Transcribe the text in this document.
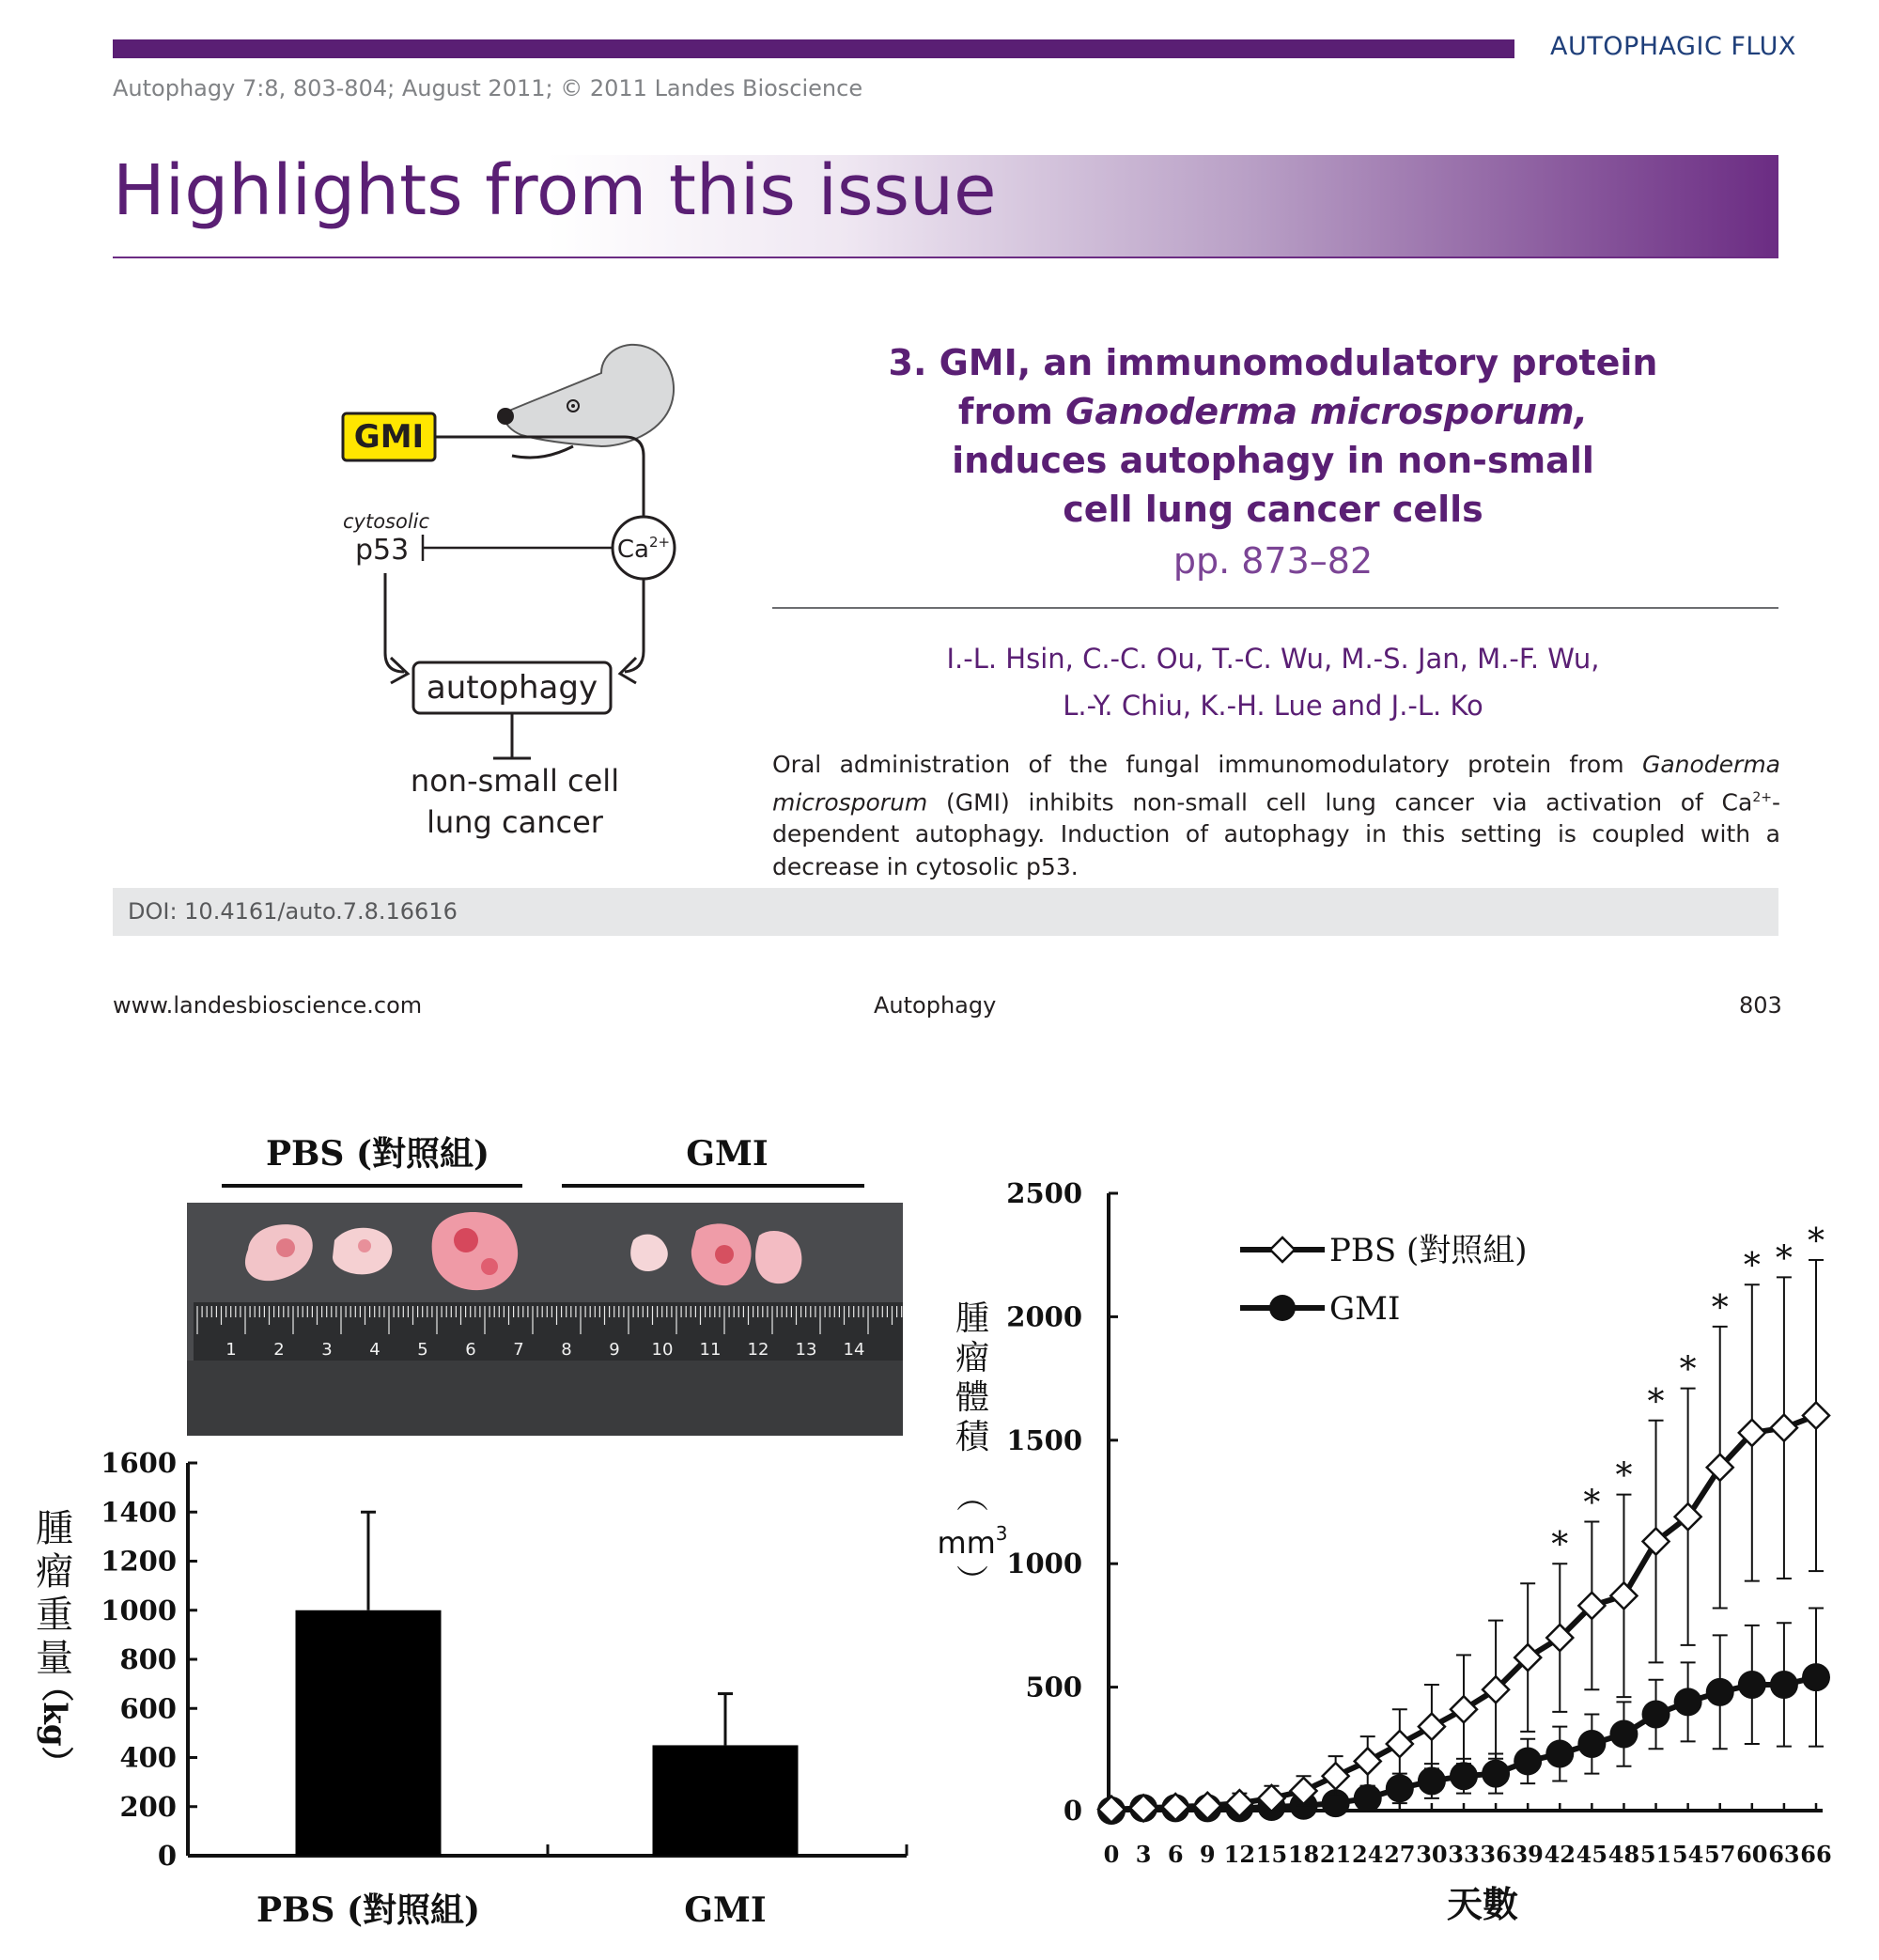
AUTOPHAGIC FLUX
Autophagy 7:8, 803-804; August 2011; © 2011 Landes Bioscience
Highlights from this issue
GMI
$Ca^{2+}$
cytosolic
p53
autophagy
non-small cell
lung cancer
3. GMI, an immunomodulatory protein
from Ganoderma microsporum,
induces autophagy in non-small
cell lung cancer cells
pp. 873–82
I.-L. Hsin, C.-C. Ou, T.-C. Wu, M.-S. Jan, M.-F. Wu,
L.-Y. Chiu, K.-H. Lue and J.-L. Ko
Oral administration of the fungal immunomodulatory protein from Ganoderma microsporum (GMI) inhibits non-small cell lung cancer via activation of $Ca^{2+}$-dependent autophagy. Induction of autophagy in this setting is coupled with a decrease in cytosolic p53.
DOI: 10.4161/auto.7.8.16616
www.landesbioscience.com	Autophagy	803
PBS (對照組)	GMI
1 2 3 4 5 6 7 8 9 10 11 12 13 14
腫
瘤
重
量
（kg）
0
200
400
600
800
1000
1200
1400
1600
PBS (對照組)	GMI
腫
瘤
體
積
︵
$mm^3$
︶
0
500
1000
1500
2000
2500
0 3 6 9 12 15 18 21 24 27 30 33 36 39 42 45 48 51 54 57 60 63 66
天數
*
*
*
*
*
*
* * *
PBS (對照組)
GMI
